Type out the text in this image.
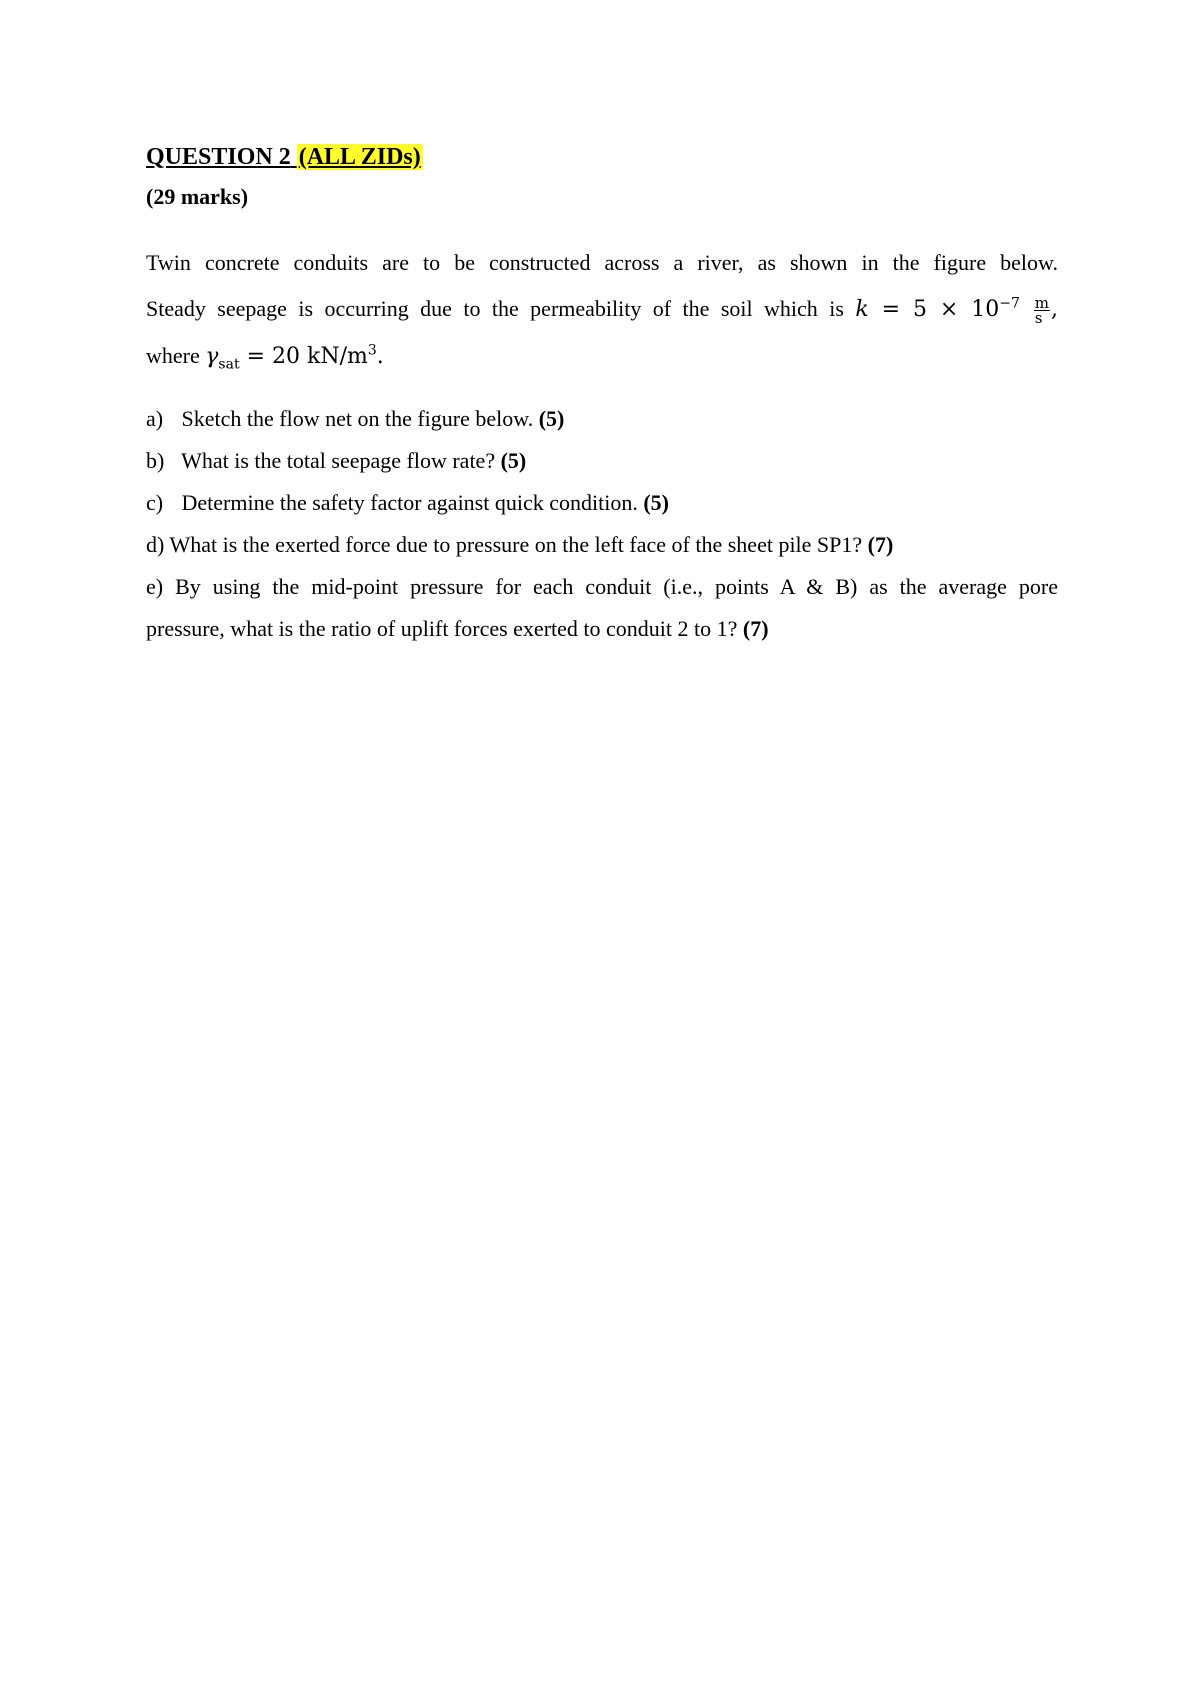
QUESTION 2 (ALL ZIDs)

(29 marks)

Twin concrete conduits are to be constructed across a river, as shown in the figure below.
Steady seepage is occurring due to the permeability of the soil which is $k = 5 \times 10^{-7} \frac{m}{s}$ ,
where $\gamma_{sat} = 20$ $kN/m^3$.
a) Sketch the flow net on the figure below. (5)
b) What is the total seepage flow rate? (5)
c) Determine the safety factor against quick condition. (5)
d) What is the exerted force due to pressure on the left face of the sheet pile SP1? (7)
e) By using the mid-point pressure for each conduit (i.e., points A & B) as the average pore
pressure, what is the ratio of uplift forces exerted to conduit 2 to 1? (7)
